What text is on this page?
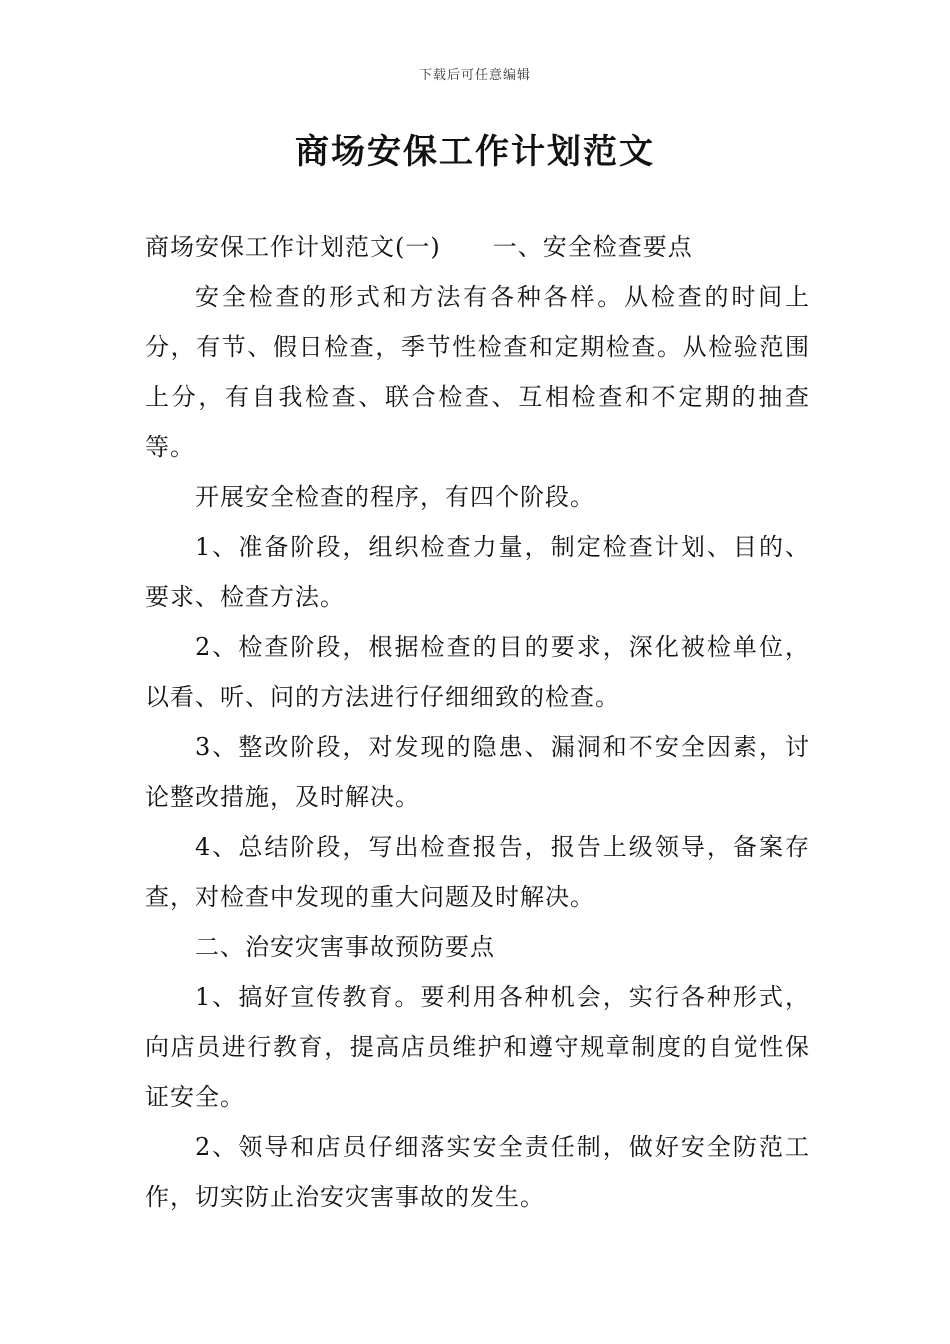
下载后可任意编辑
商场安保工作计划范文

商场安保工作计划范文(一) 一、安全检查要点

安全检查的形式和方法有各种各样。从检查的时间上分，有节、假日检查，季节性检查和定期检查。从检验范围上分，有自我检查、联合检查、互相检查和不定期的抽查等。

开展安全检查的程序，有四个阶段。

1、准备阶段，组织检查力量，制定检查计划、目的、要求、检查方法。

2、检查阶段，根据检查的目的要求，深化被检单位，以看、听、问的方法进行仔细细致的检查。

3、整改阶段，对发现的隐患、漏洞和不安全因素，讨论整改措施，及时解决。

4、总结阶段，写出检查报告，报告上级领导，备案存查，对检查中发现的重大问题及时解决。

二、治安灾害事故预防要点

1、搞好宣传教育。要利用各种机会，实行各种形式，向店员进行教育，提高店员维护和遵守规章制度的自觉性保证安全。

2、领导和店员仔细落实安全责任制，做好安全防范工作，切实防止治安灾害事故的发生。
